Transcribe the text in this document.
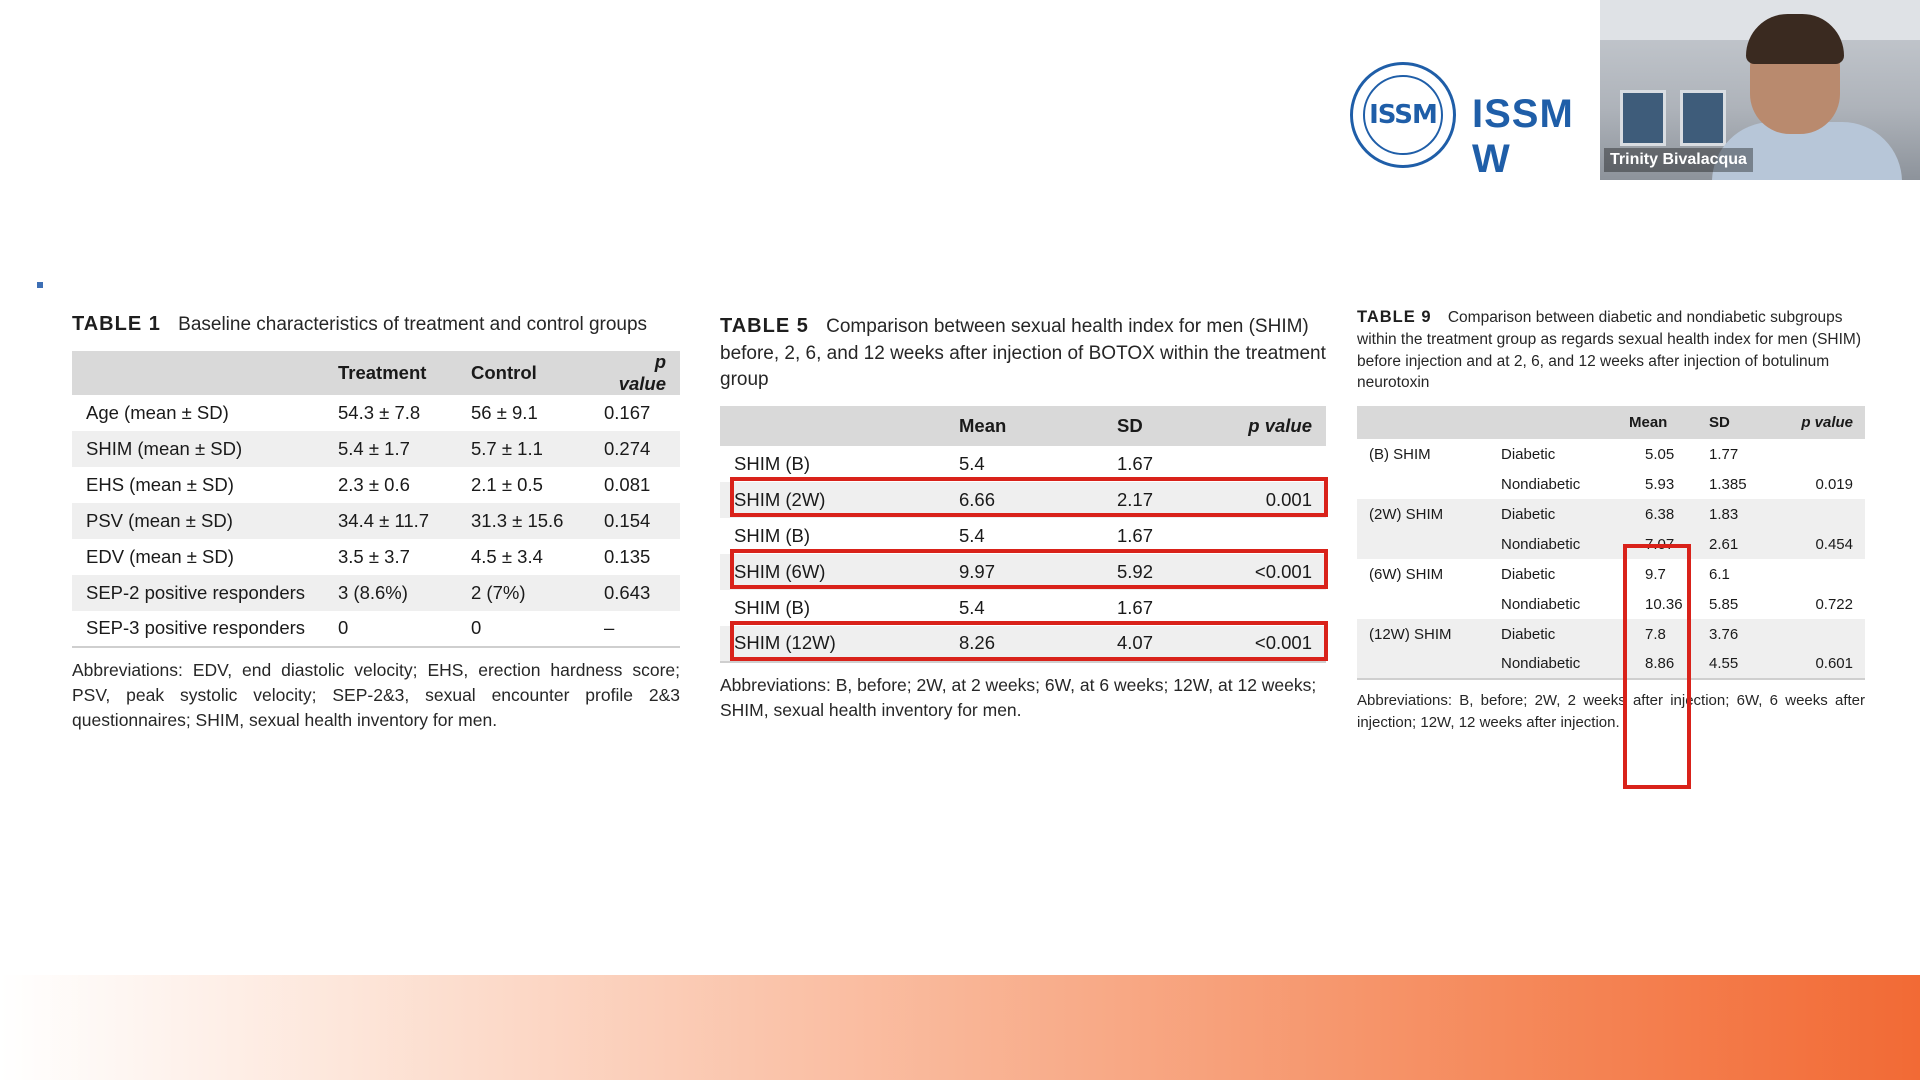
ISSM ISSM W
TABLE 1 Baseline characteristics of treatment and control groups
	Treatment	Control	p value
Age (mean ± SD)	54.3 ± 7.8	56 ± 9.1	0.167
SHIM (mean ± SD)	5.4 ± 1.7	5.7 ± 1.1	0.274
EHS (mean ± SD)	2.3 ± 0.6	2.1 ± 0.5	0.081
PSV (mean ± SD)	34.4 ± 11.7	31.3 ± 15.6	0.154
EDV (mean ± SD)	3.5 ± 3.7	4.5 ± 3.4	0.135
SEP-2 positive responders	3 (8.6%)	2 (7%)	0.643
SEP-3 positive responders	0	0	–
Abbreviations: EDV, end diastolic velocity; EHS, erection hardness score; PSV, peak systolic velocity; SEP-2&3, sexual encounter profile 2&3 questionnaires; SHIM, sexual health inventory for men.
TABLE 5 Comparison between sexual health index for men (SHIM) before, 2, 6, and 12 weeks after injection of BOTOX within the treatment group
	Mean	SD	p value
SHIM (B)	5.4	1.67	
SHIM (2W)	6.66	2.17	0.001
SHIM (B)	5.4	1.67	
SHIM (6W)	9.97	5.92	<0.001
SHIM (B)	5.4	1.67	
SHIM (12W)	8.26	4.07	<0.001
Abbreviations: B, before; 2W, at 2 weeks; 6W, at 6 weeks; 12W, at 12 weeks; SHIM, sexual health inventory for men.
TABLE 9 Comparison between diabetic and nondiabetic subgroups within the treatment group as regards sexual health index for men (SHIM) before injection and at 2, 6, and 12 weeks after injection of botulinum neurotoxin
		Mean	SD	p value
(B) SHIM	Diabetic	5.05	1.77	
	Nondiabetic	5.93	1.385	0.019
(2W) SHIM	Diabetic	6.38	1.83	
	Nondiabetic	7.07	2.61	0.454
(6W) SHIM	Diabetic	9.7	6.1	
	Nondiabetic	10.36	5.85	0.722
(12W) SHIM	Diabetic	7.8	3.76	
	Nondiabetic	8.86	4.55	0.601
Abbreviations: B, before; 2W, 2 weeks after injection; 6W, 6 weeks after injection; 12W, 12 weeks after injection.
Trinity Bivalacqua
